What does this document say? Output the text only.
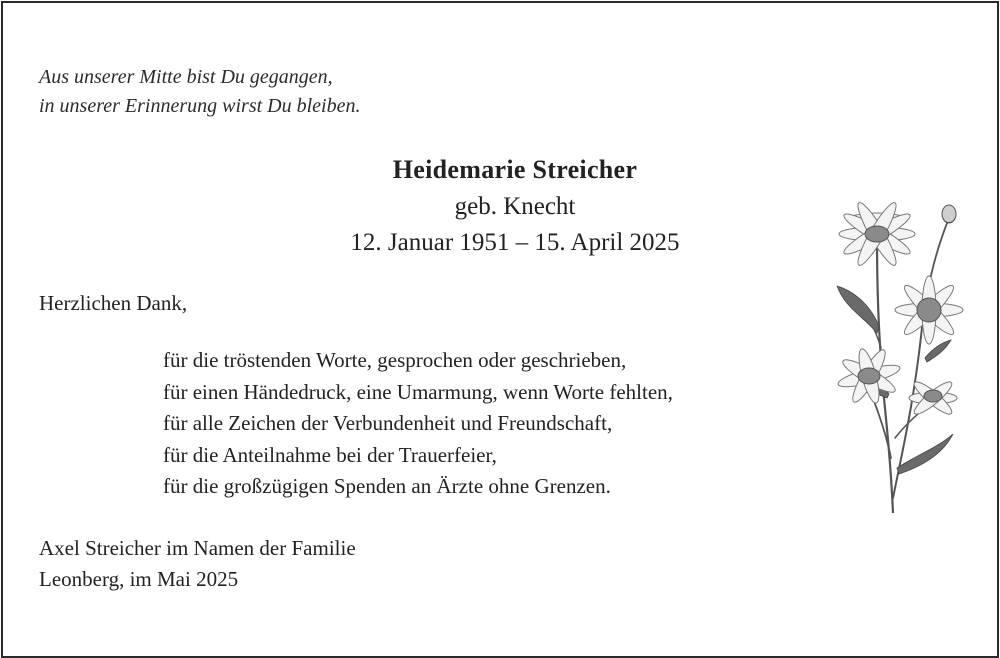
Aus unserer Mitte bist Du gegangen,
in unserer Erinnerung wirst Du bleiben.
Heidemarie Streicher
geb. Knecht
12. Januar 1951 – 15. April 2025
Herzlichen Dank,
für die tröstenden Worte, gesprochen oder geschrieben,
für einen Händedruck, eine Umarmung, wenn Worte fehlten,
für alle Zeichen der Verbundenheit und Freundschaft,
für die Anteilnahme bei der Trauerfeier,
für die großzügigen Spenden an Ärzte ohne Grenzen.
Axel Streicher im Namen der Familie
Leonberg, im Mai 2025
